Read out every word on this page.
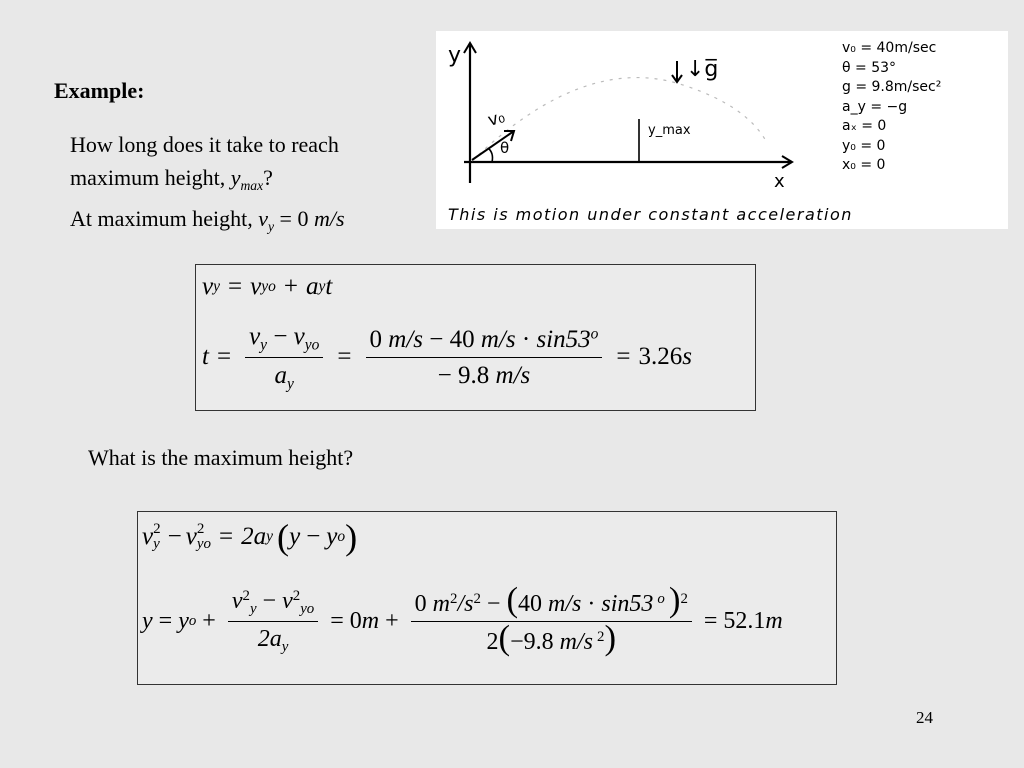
Example:
How long does it take to reach
maximum height, $y_{max}$?
At maximum height, $v_y = 0$ m/s
y
x
↓g̅
v₀
θ
y_max
v₀ = 40m/sec
θ = 53°
g = 9.8m/sec²
a_y = −g
aₓ = 0
y₀ = 0
x₀ = 0
This is motion under constant acceleration
v y = v yo + a y t
$t = \frac{v_y - v_{yo}}{a_y} = \frac{0 m/s - 40 m/s \cdot \sin 53^o}{- 9.8 m/s} = 3.26$ s
What is the maximum height?
v 2
y − v 2
yo = 2a y ( y − y o )
y = y $o + \frac{v^2_y - v^2_{yo}}{2a_y} = 0$ $m + \frac{0 m^2/s^2 - (40 m/s \cdot \sin 53 ^o )^2}{2(-9.8 m/s ^2)} = 52.1$ m
24
